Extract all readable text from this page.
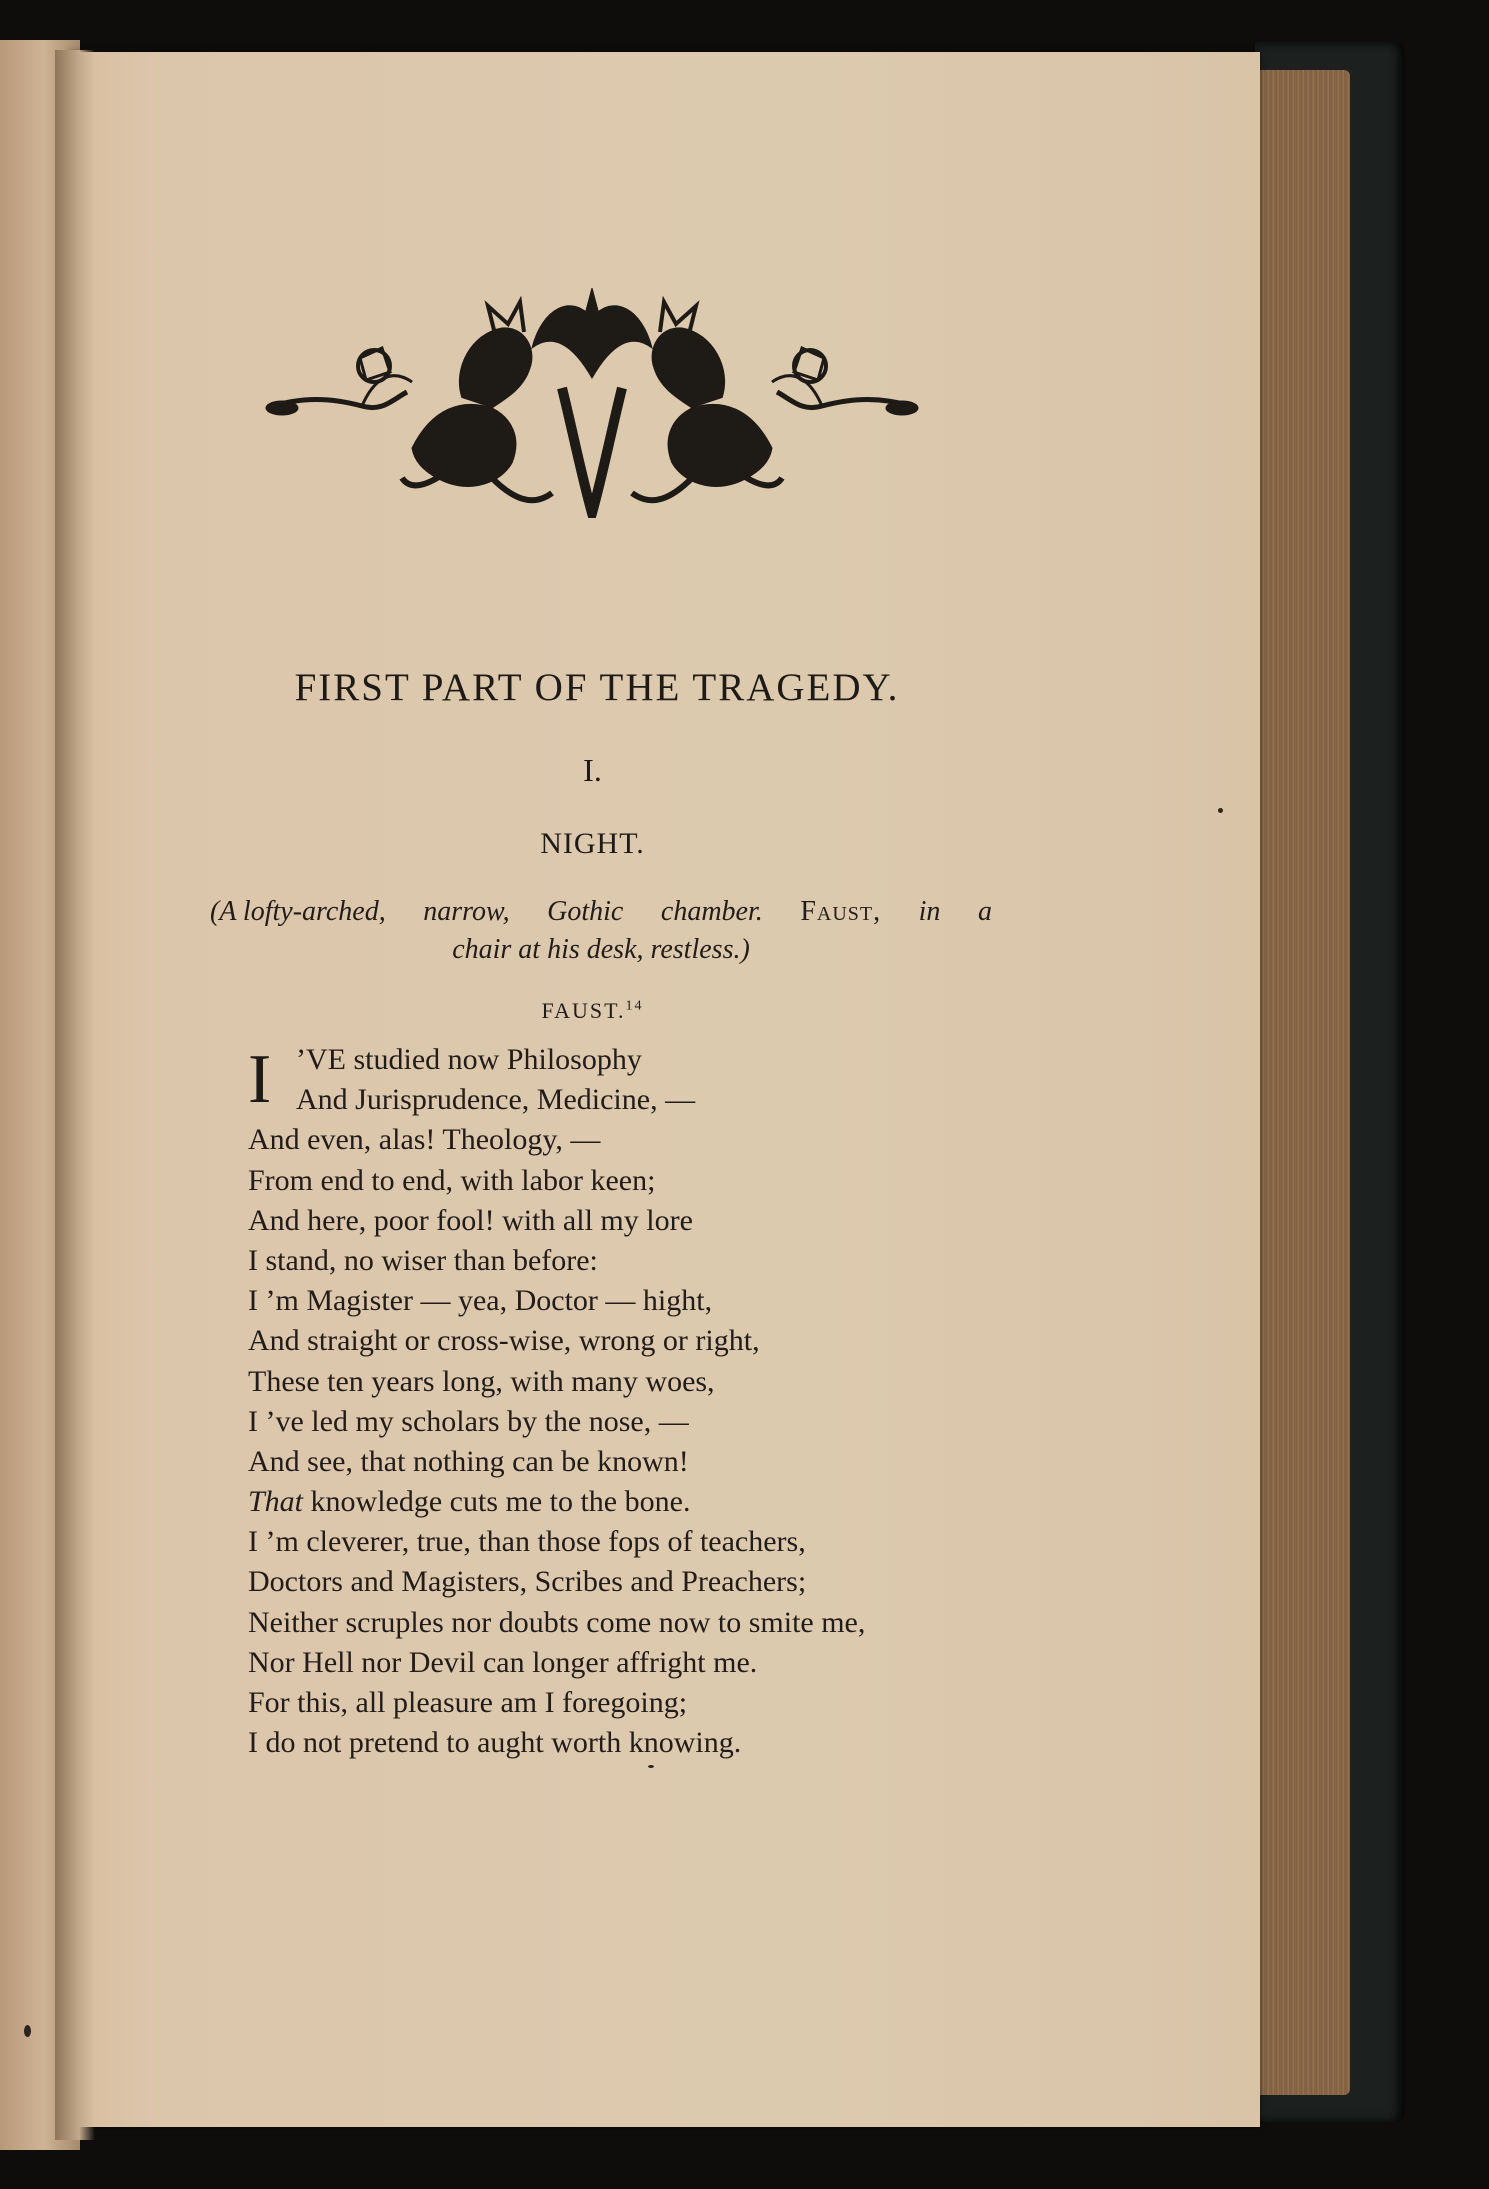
FIRST PART OF THE TRAGEDY.

I.

NIGHT.

(A lofty-arched, narrow, Gothic chamber. Faust, in a
chair at his desk, restless.)

FAUST.$^{14}$

’VE studied now Philosophy
And Jurisprudence, Medicine, —
And even, alas! Theology, —
From end to end, with labor keen;
And here, poor fool! with all my lore
I stand, no wiser than before:
I ’m Magister — yea, Doctor — hight,
And straight or cross-wise, wrong or right,
These ten years long, with many woes,
I ’ve led my scholars by the nose, —
And see, that nothing can be known!
That knowledge cuts me to the bone.
I ’m cleverer, true, than those fops of teachers,
Doctors and Magisters, Scribes and Preachers;
Neither scruples nor doubts come now to smite me,
Nor Hell nor Devil can longer affright me.
For this, all pleasure am I foregoing;
I do not pretend to aught worth knowing.
I
